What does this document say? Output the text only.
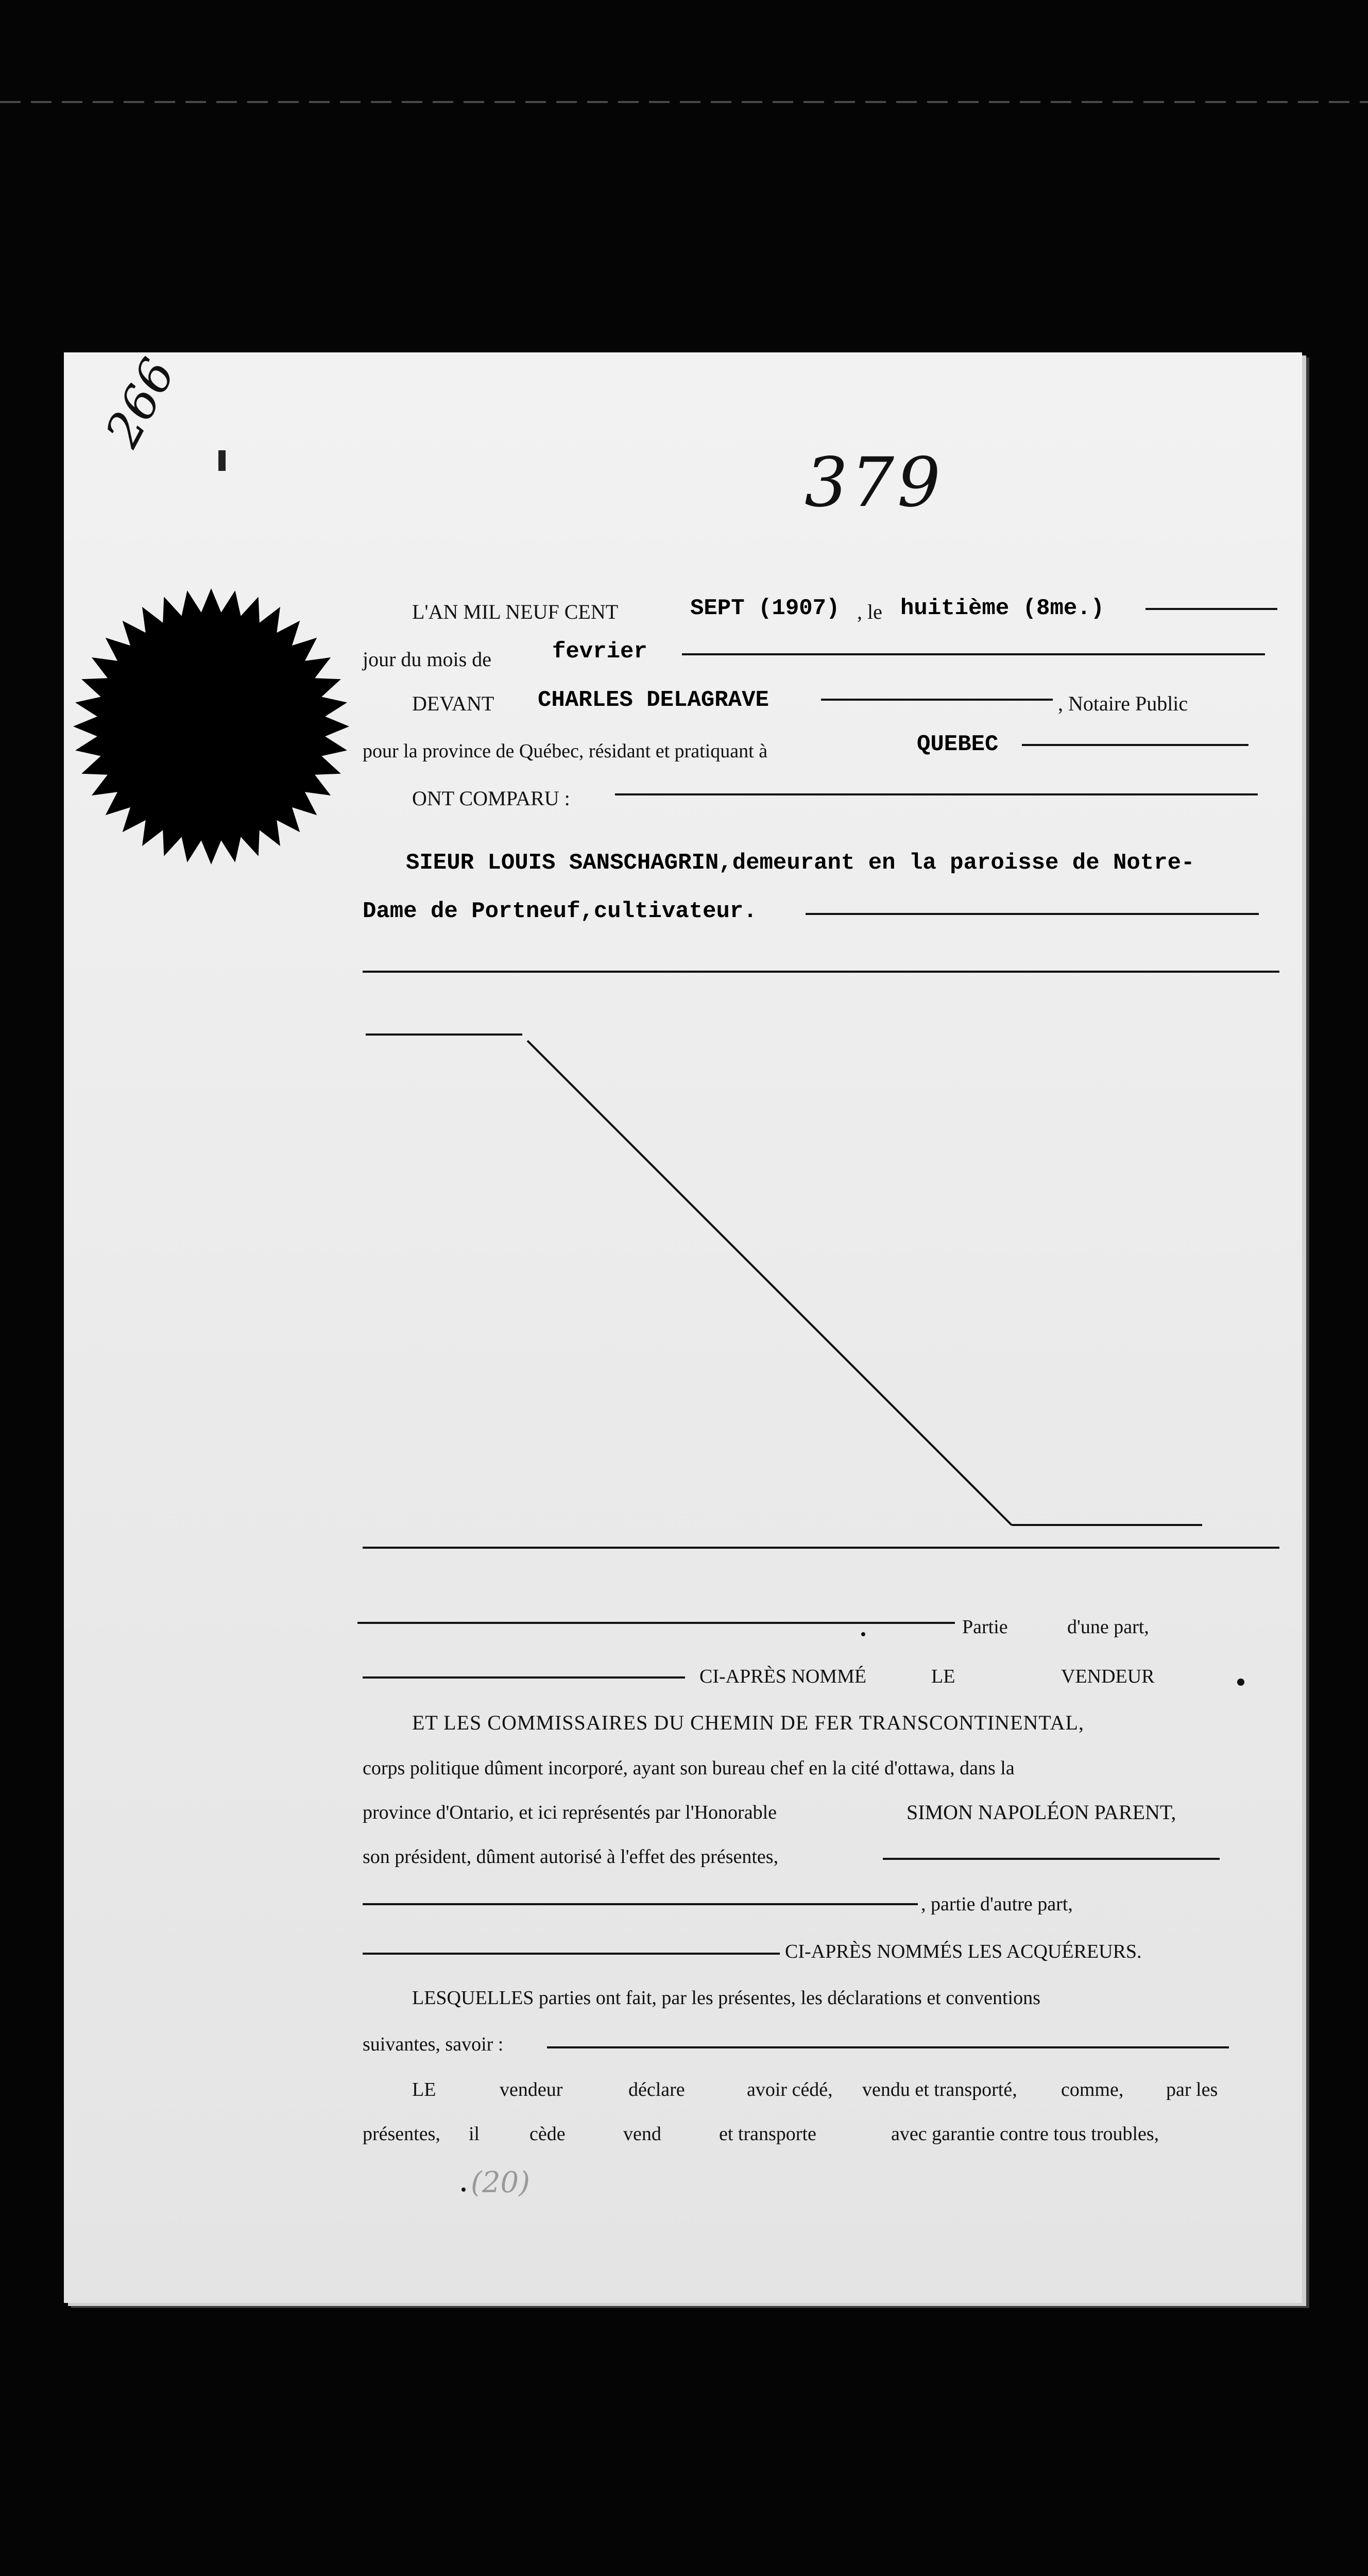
266
379
L'AN MIL NEUF CENT	SEPT (1907) , le huitième (8me.)
jour du mois de	fevrier
DEVANT CHARLES DELAGRAVE	, Notaire Public
pour la province de Québec, résidant et pratiquant à	QUEBEC
ONT COMPARU :
SIEUR LOUIS SANSCHAGRIN,demeurant en la paroisse de Notre-
Dame de Portneuf,cultivateur.
Partie	d'une part,
CI-APRÈS NOMMÉ	LE	VENDEUR
ET LES COMMISSAIRES DU CHEMIN DE FER TRANSCONTINENTAL,
corps politique dûment incorporé, ayant son bureau chef en la cité d'ottawa, dans la
province d'Ontario, et ici représentés par l'Honorable	SIMON NAPOLÉON PARENT,
son président, dûment autorisé à l'effet des présentes,
, partie d'autre part,
CI-APRÈS NOMMÉS LES ACQUÉREURS.
LESQUELLES parties ont fait, par les présentes, les déclarations et conventions
suivantes, savoir :
LE	vendeur	déclare	avoir cédé, vendu et transporté, comme, par les
présentes, il	cède	vend	et transporte	avec garantie contre tous troubles,
(20)
